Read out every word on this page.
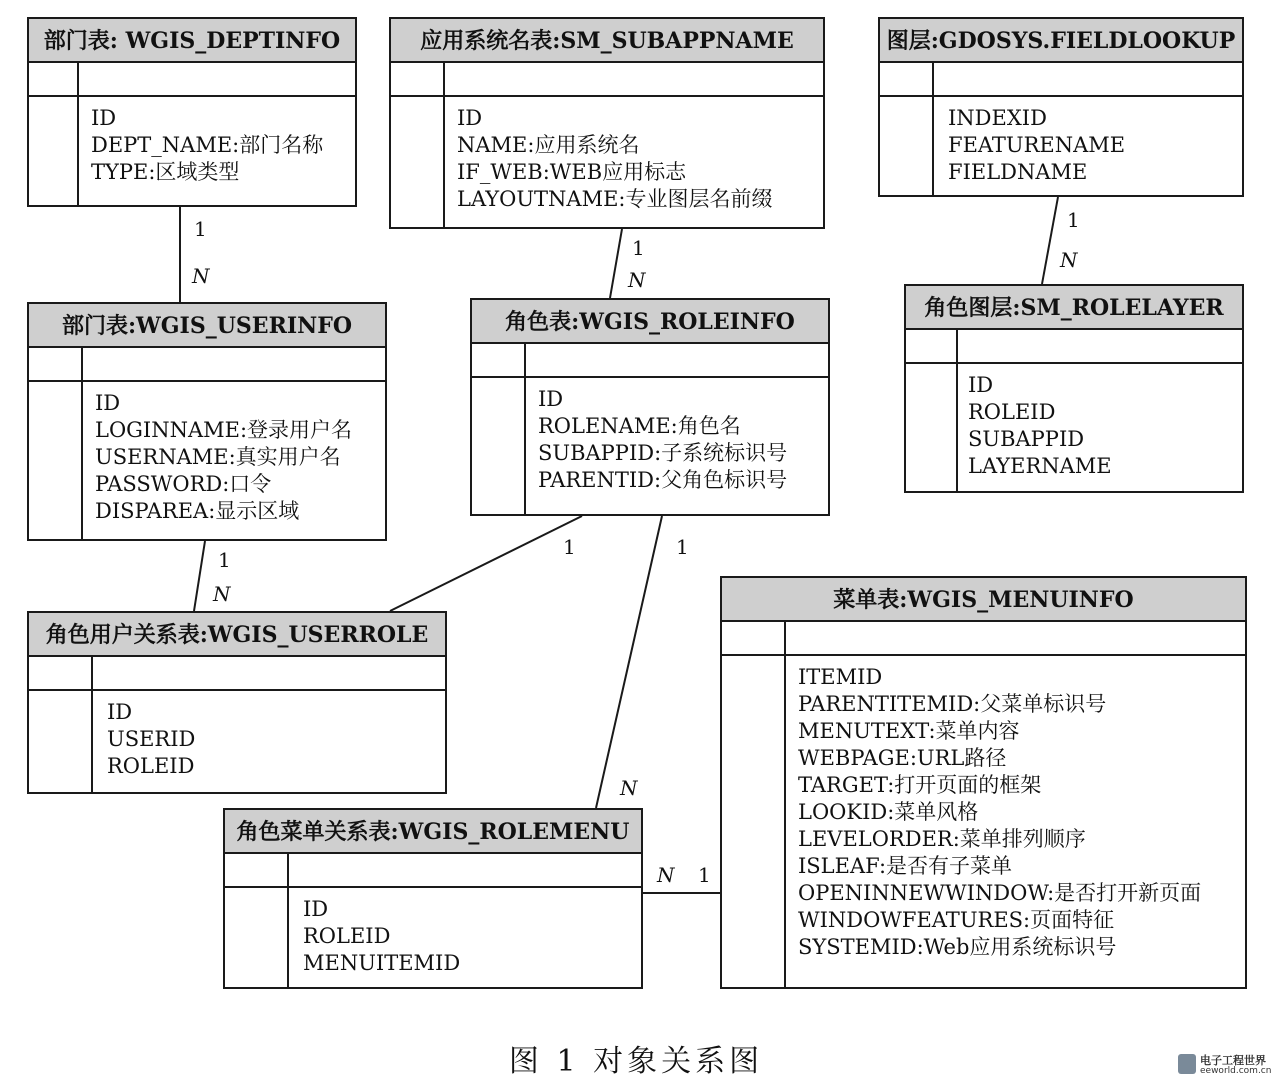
部门表: WGIS_DEPTINFO
ID
DEPT_NAME:部门名称
TYPE:区域类型
应用系统名表:SM_SUBAPPNAME
ID
NAME:应用系统名
IF_WEB:WEB应用标志
LAYOUTNAME:专业图层名前缀
图层:GDOSYS.FIELDLOOKUP
INDEXID
FEATURENAME
FIELDNAME
部门表:WGIS_USERINFO
ID
LOGINNAME:登录用户名
USERNAME:真实用户名
PASSWORD:口令
DISPAREA:显示区域
角色表:WGIS_ROLEINFO
ID
ROLENAME:角色名
SUBAPPID:子系统标识号
PARENTID:父角色标识号
角色图层:SM_ROLELAYER
ID
ROLEID
SUBAPPID
LAYERNAME
角色用户关系表:WGIS_USERROLE
ID
USERID
ROLEID
菜单表:WGIS_MENUINFO
ITEMID
PARENTITEMID:父菜单标识号
MENUTEXT:菜单内容
WEBPAGE:URL路径
TARGET:打开页面的框架
LOOKID:菜单风格
LEVELORDER:菜单排列顺序
ISLEAF:是否有子菜单
OPENINNEWWINDOW:是否打开新页面
WINDOWFEATURES:页面特征
SYSTEMID:Web应用系统标识号
角色菜单关系表:WGIS_ROLEMENU
ID
ROLEID
MENUITEMID
1
N
1
N
1
N
1
N
1	1
N
N 1
图 1 对象关系图	电子工程世界
eeworld.com.cn
